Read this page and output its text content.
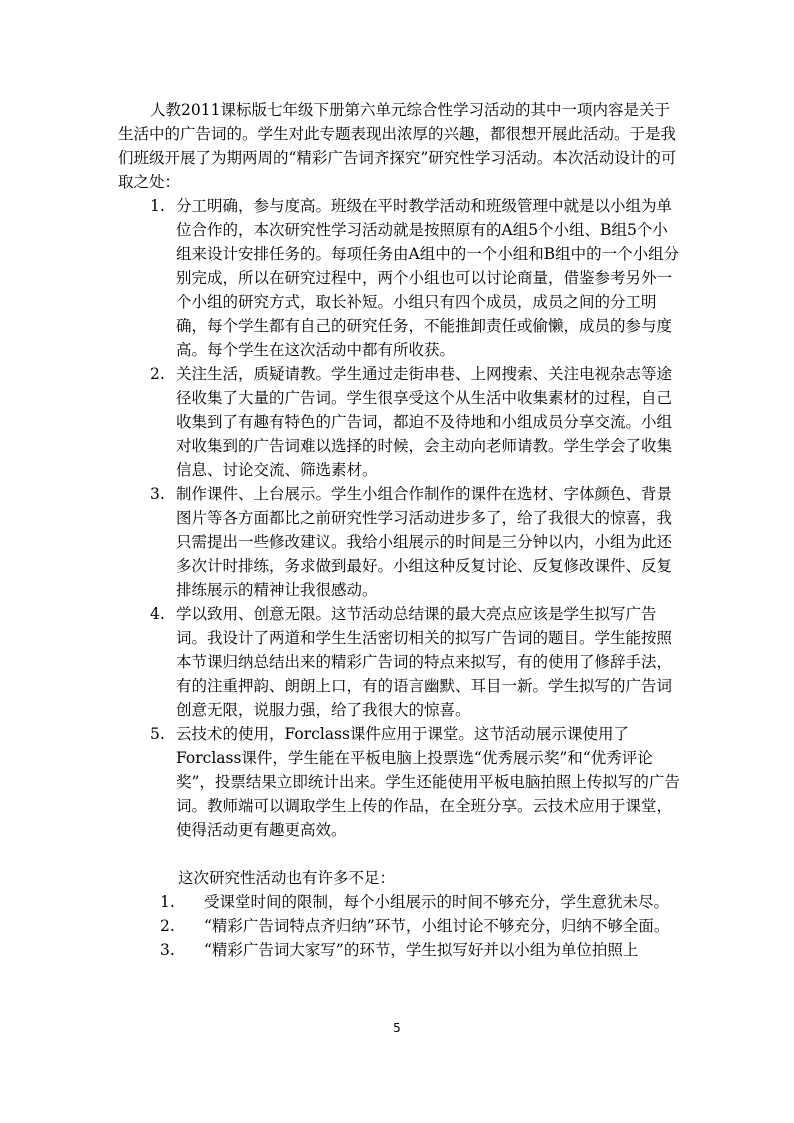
人教2011课标版七年级下册第六单元综合性学习活动的其中一项内容是关于生活中的广告词的。学生对此专题表现出浓厚的兴趣，都很想开展此活动。于是我们班级开展了为期两周的“精彩广告词齐探究”研究性学习活动。本次活动设计的可取之处：

1. 分工明确，参与度高。班级在平时教学活动和班级管理中就是以小组为单位合作的，本次研究性学习活动就是按照原有的A组5个小组、B组5个小组来设计安排任务的。每项任务由A组中的一个小组和B组中的一个小组分别完成，所以在研究过程中，两个小组也可以讨论商量，借鉴参考另外一个小组的研究方式，取长补短。小组只有四个成员，成员之间的分工明确，每个学生都有自己的研究任务，不能推卸责任或偷懒，成员的参与度高。每个学生在这次活动中都有所收获。
2. 关注生活，质疑请教。学生通过走街串巷、上网搜索、关注电视杂志等途径收集了大量的广告词。学生很享受这个从生活中收集素材的过程，自己收集到了有趣有特色的广告词，都迫不及待地和小组成员分享交流。小组对收集到的广告词难以选择的时候，会主动向老师请教。学生学会了收集信息、讨论交流、筛选素材。
3. 制作课件、上台展示。学生小组合作制作的课件在选材、字体颜色、背景图片等各方面都比之前研究性学习活动进步多了，给了我很大的惊喜，我只需提出一些修改建议。我给小组展示的时间是三分钟以内，小组为此还多次计时排练，务求做到最好。小组这种反复讨论、反复修改课件、反复排练展示的精神让我很感动。
4. 学以致用、创意无限。这节活动总结课的最大亮点应该是学生拟写广告词。我设计了两道和学生生活密切相关的拟写广告词的题目。学生能按照本节课归纳总结出来的精彩广告词的特点来拟写，有的使用了修辞手法，有的注重押韵、朗朗上口，有的语言幽默、耳目一新。学生拟写的广告词创意无限，说服力强，给了我很大的惊喜。
5. 云技术的使用，Forclass课件应用于课堂。这节活动展示课使用了Forclass课件，学生能在平板电脑上投票选“优秀展示奖”和“优秀评论奖”，投票结果立即统计出来。学生还能使用平板电脑拍照上传拟写的广告词。教师端可以调取学生上传的作品，在全班分享。云技术应用于课堂，使得活动更有趣更高效。

这次研究性活动也有许多不足：

1.	受课堂时间的限制，每个小组展示的时间不够充分，学生意犹未尽。
2.	“精彩广告词特点齐归纳”环节，小组讨论不够充分，归纳不够全面。
3.	“精彩广告词大家写”的环节，学生拟写好并以小组为单位拍照上
5
